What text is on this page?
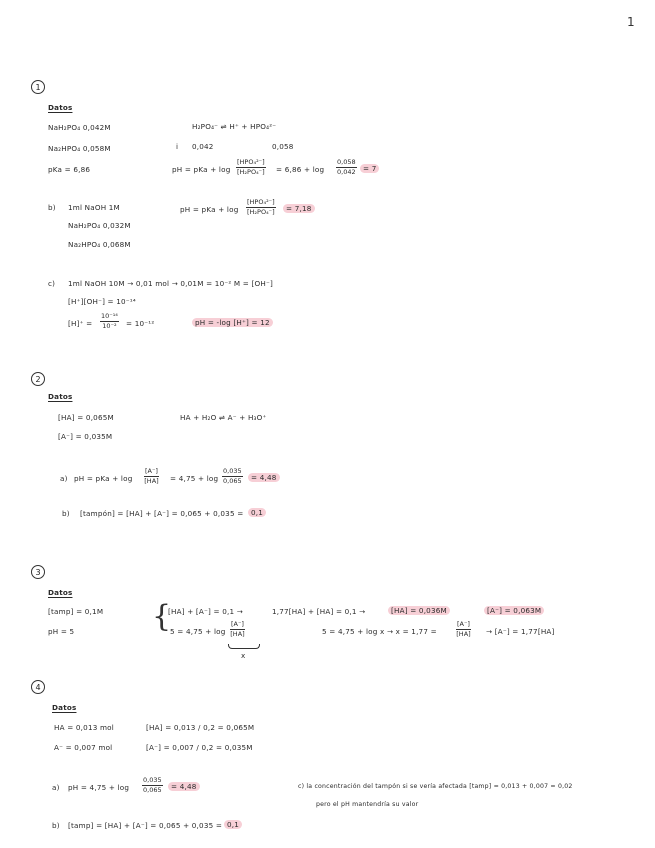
1
1
Datos
NaH₂PO₄ 0,042M
Na₂HPO₄ 0,058M
pKa = 6,86
H₂PO₄⁻ ⇌ H⁺ + HPO₄²⁻
i 0,042	0,058
pH = pKa + log
[HPO₄²⁻]
$[H_2PO_4^-] = 6,86 + \log \frac{0,058}{0,042} = 7$
b) 1ml NaOH 1M
NaH₂PO₄ 0,032M
Na₂HPO₄ 0,068M
pH = pKa + log
[HPO₄²⁻]
[H₂PO₄⁻]	= 7,18
c) 1ml NaOH 10M → 0,01 mol → 0,01M = 10⁻² M = [OH⁻]
[H⁺][OH⁻] = 10⁻¹⁴
$[H]^+ = \frac{\text{10⁻¹⁴}}{\text{10⁻²}} = 10^{-12}$	pH = -log [H⁺] = 12
2
Datos
[HA] = 0,065M
[A⁻] = 0,035M
HA + H₂O ⇌ A⁻ + H₃O⁺
a) pH = pKa + $\log \frac{[A^-]}{[HA]} = 4,75 + \log \frac{0,035}{0,065}$	= 4,48
b) [tampón] = [HA] + [A⁻] = 0,065 + 0,035 =	0,1
3
Datos
[tamp] = 0,1M
pH = 5	{
[HA] + [A⁻] = 0,1 →	1,77[HA] + [HA] = 0,1 →	[HA] = 0,036M	[A⁻] = 0,063M
$5 = 4,75 + \log \frac{[A^-]}{[HA]}$
x
5 = 4,75 + log x → x = 1,77 =	$\frac{[A^-]}{[HA]} \to [A^-] = 1,77[HA]$
4
Datos
HA = 0,013 mol	[HA] = 0,013 / 0,2 = 0,065M
A⁻ = 0,007 mol	[A⁻] = 0,007 / 0,2 = 0,035M
a) pH = $4,75 + \log \frac{0,035}{0,065}$	= 4,48	c) la concentración del tampón si se vería afectada [tamp] = 0,013 + 0,007 = 0,02
pero el pH mantendría su valor
b) [tamp] = [HA] + [A⁻] = 0,065 + 0,035 = 0,1
